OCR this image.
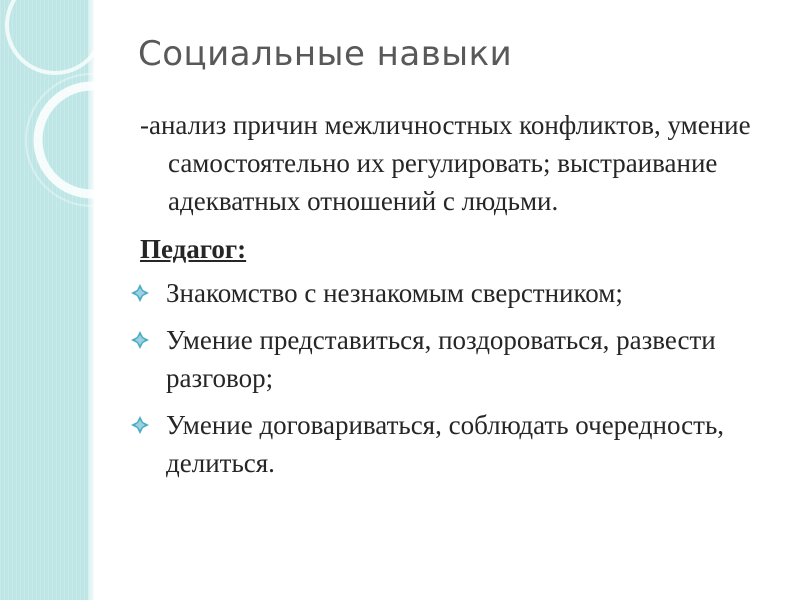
Социальные навыки
-анализ причин межличностных конфликтов, умение самостоятельно их регулировать; выстраивание адекватных отношений с людьми.
Педагог:
Знакомство с незнакомым сверстником;
Умение представиться, поздороваться, развести разговор;
Умение договариваться, соблюдать очередность, делиться.
